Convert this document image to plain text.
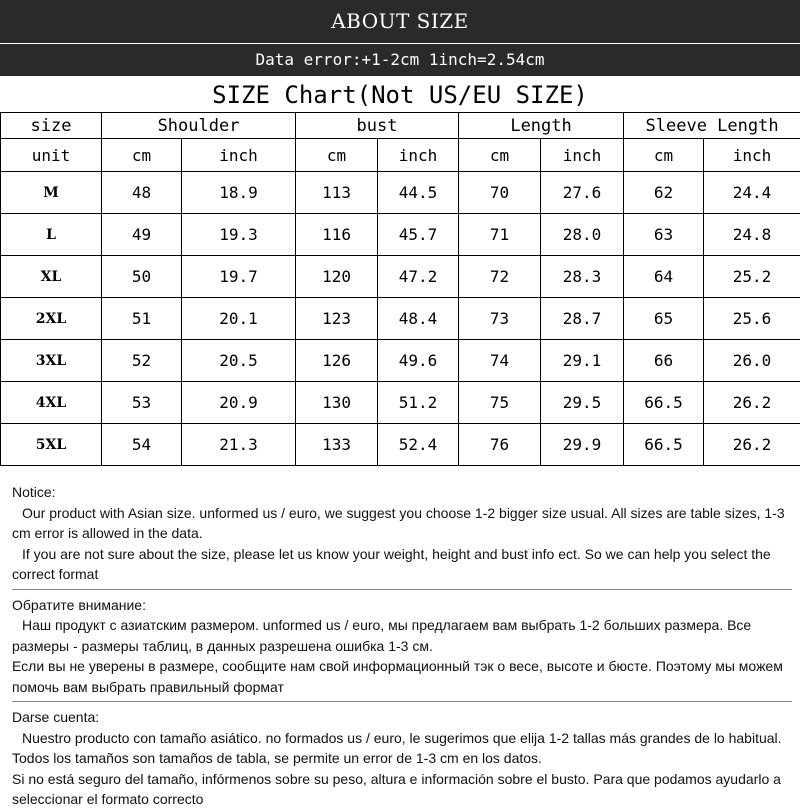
ABOUT SIZE
Data error:+1-2cm 1inch=2.54cm
SIZE Chart(Not US/EU SIZE)
size	Shoulder		bust		Length		Sleeve Length	
unit	cm	inch	cm	inch	cm	inch	cm	inch
M	48	18.9	113	44.5	70	27.6	62	24.4
L	49	19.3	116	45.7	71	28.0	63	24.8
XL	50	19.7	120	47.2	72	28.3	64	25.2
2XL	51	20.1	123	48.4	73	28.7	65	25.6
3XL	52	20.5	126	49.6	74	29.1	66	26.0
4XL	53	20.9	130	51.2	75	29.5	66.5	26.2
5XL	54	21.3	133	52.4	76	29.9	66.5	26.2

Notice:

Our product with Asian size. unformed us / euro, we suggest you choose 1-2 bigger size usual. All sizes are table sizes, 1-3 cm error is allowed in the data.

If you are not sure about the size, please let us know your weight, height and bust info ect. So we can help you select the correct format

Обратите внимание:

Наш продукт с азиатским размером. unformed us / euro, мы предлагаем вам выбрать 1-2 больших размера. Все размеры - размеры таблиц, в данных разрешена ошибка 1-3 см.

Если вы не уверены в размере, сообщите нам свой информационный тэк о весе, высоте и бюсте. Поэтому мы можем помочь вам выбрать правильный формат

Darse cuenta:

Nuestro producto con tamaño asiático. no formados us / euro, le sugerimos que elija 1-2 tallas más grandes de lo habitual. Todos los tamaños son tamaños de tabla, se permite un error de 1-3 cm en los datos.

Si no está seguro del tamaño, infórmenos sobre su peso, altura e información sobre el busto. Para que podamos ayudarlo a seleccionar el formato correcto
